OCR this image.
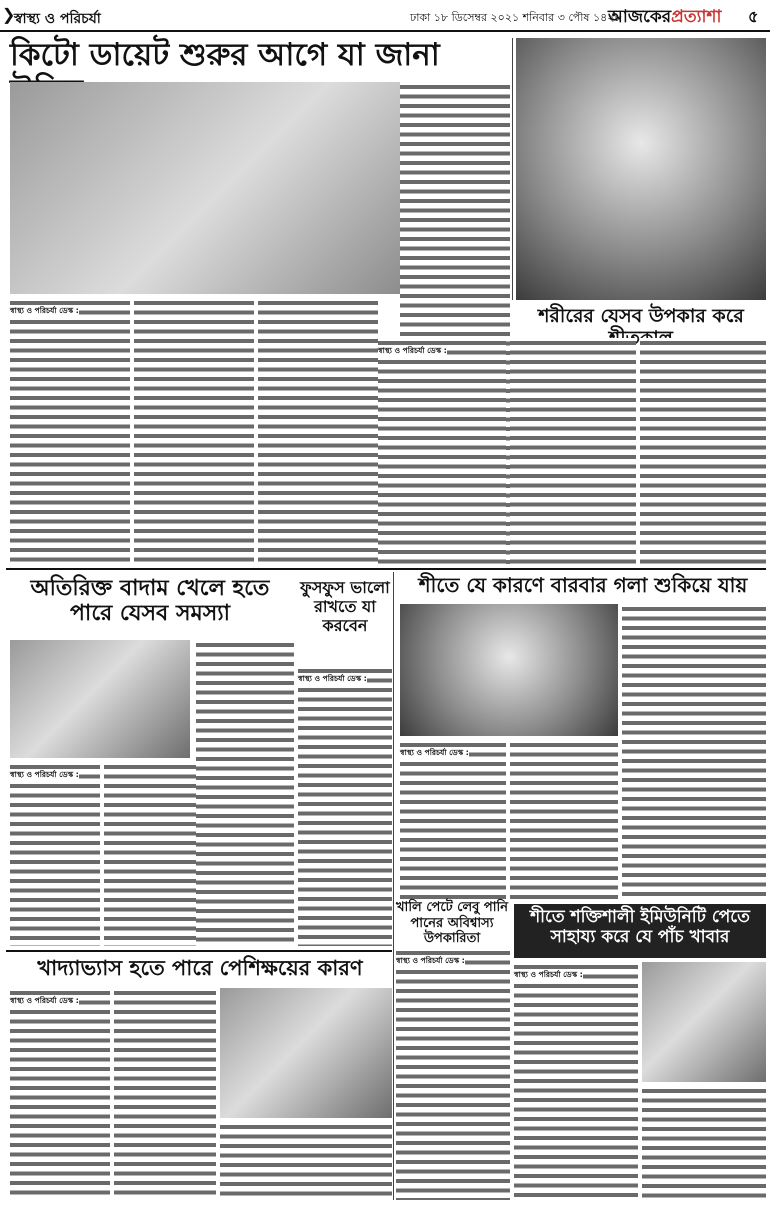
❯
স্বাস্থ্য ও পরিচর্যা	ঢাকা ১৮ ডিসেম্বর ২০২১ শনিবার ৩ পৌষ ১৪২৮
আজকেরপ্রত্যাশা ৫
কিটো ডায়েট শুরুর আগে যা জানা
স্বাস্থ্য ও পরিচর্যা ডেস্ক :	শরীরের যেসব উপকার করে
স্বাস্থ্য ও পরিচর্যা ডেস্ক :
অতিরিক্ত বাদাম খেলে হতে পারে যেসব সমস্যা
স্বাস্থ্য ও পরিচর্যা ডেস্ক :
ফুসফুস ভালো রাখতে যা করবেন
স্বাস্থ্য ও পরিচর্যা ডেস্ক :
শীতে যে কারণে বারবার গলা শুকিয়ে যায়
স্বাস্থ্য ও পরিচর্যা ডেস্ক :
খালি পেটে লেবু পানি পানের অবিশ্বাস্য উপকারিতা
স্বাস্থ্য ও পরিচর্যা ডেস্ক :
শীতে শক্তিশালী ইমিউনিটি পেতে সাহায্য করে যে পাঁচ খাবার
স্বাস্থ্য ও পরিচর্যা ডেস্ক :
খাদ্যাভ্যাস হতে পারে পেশিক্ষয়ের কারণ
স্বাস্থ্য ও পরিচর্যা ডেস্ক :
